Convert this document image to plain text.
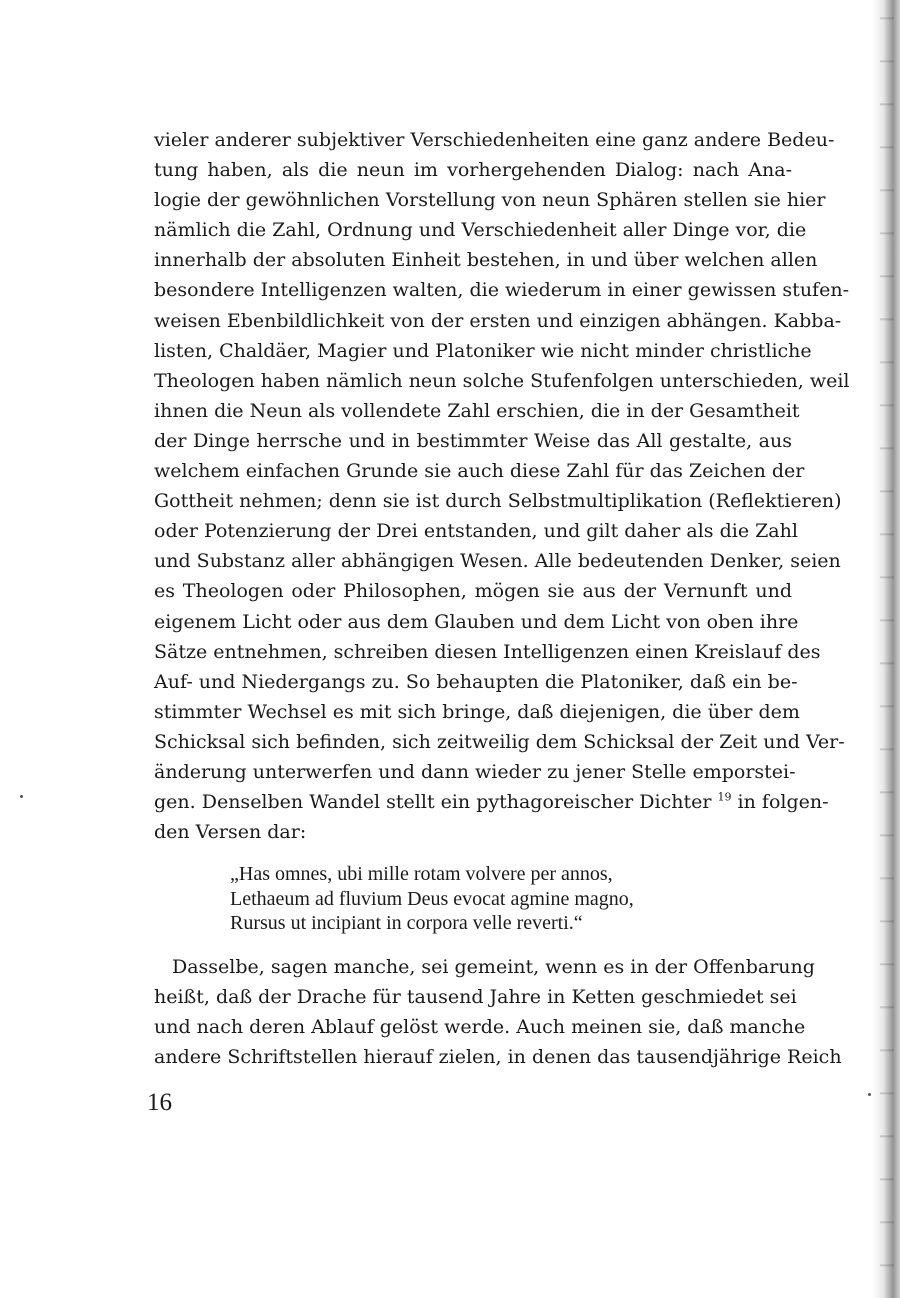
vieler anderer subjektiver Verschiedenheiten eine ganz andere Bedeu-
tung haben, als die neun im vorhergehenden Dialog: nach Ana-
logie der gewöhnlichen Vorstellung von neun Sphären stellen sie hier
nämlich die Zahl, Ordnung und Verschiedenheit aller Dinge vor, die
innerhalb der absoluten Einheit bestehen, in und über welchen allen
besondere Intelligenzen walten, die wiederum in einer gewissen stufen-
weisen Ebenbildlichkeit von der ersten und einzigen abhängen. Kabba-
listen, Chaldäer, Magier und Platoniker wie nicht minder christliche
Theologen haben nämlich neun solche Stufenfolgen unterschieden, weil
ihnen die Neun als vollendete Zahl erschien, die in der Gesamtheit
der Dinge herrsche und in bestimmter Weise das All gestalte, aus
welchem einfachen Grunde sie auch diese Zahl für das Zeichen der
Gottheit nehmen; denn sie ist durch Selbstmultiplikation (Reflektieren)
oder Potenzierung der Drei entstanden, und gilt daher als die Zahl
und Substanz aller abhängigen Wesen. Alle bedeutenden Denker, seien
es Theologen oder Philosophen, mögen sie aus der Vernunft und
eigenem Licht oder aus dem Glauben und dem Licht von oben ihre
Sätze entnehmen, schreiben diesen Intelligenzen einen Kreislauf des
Auf- und Niedergangs zu. So behaupten die Platoniker, daß ein be-
stimmter Wechsel es mit sich bringe, daß diejenigen, die über dem
Schicksal sich befinden, sich zeitweilig dem Schicksal der Zeit und Ver-
änderung unterwerfen und dann wieder zu jener Stelle emporstei-
gen. Denselben Wandel stellt ein pythagoreischer Dichter $^{19}$ in folgen-
den Versen dar:
„Has omnes, ubi mille rotam volvere per annos,
Lethaeum ad fluvium Deus evocat agmine magno,
Rursus ut incipiant in corpora velle reverti.“
Dasselbe, sagen manche, sei gemeint, wenn es in der Offenbarung
heißt, daß der Drache für tausend Jahre in Ketten geschmiedet sei
und nach deren Ablauf gelöst werde. Auch meinen sie, daß manche
andere Schriftstellen hierauf zielen, in denen das tausendjährige Reich
16
